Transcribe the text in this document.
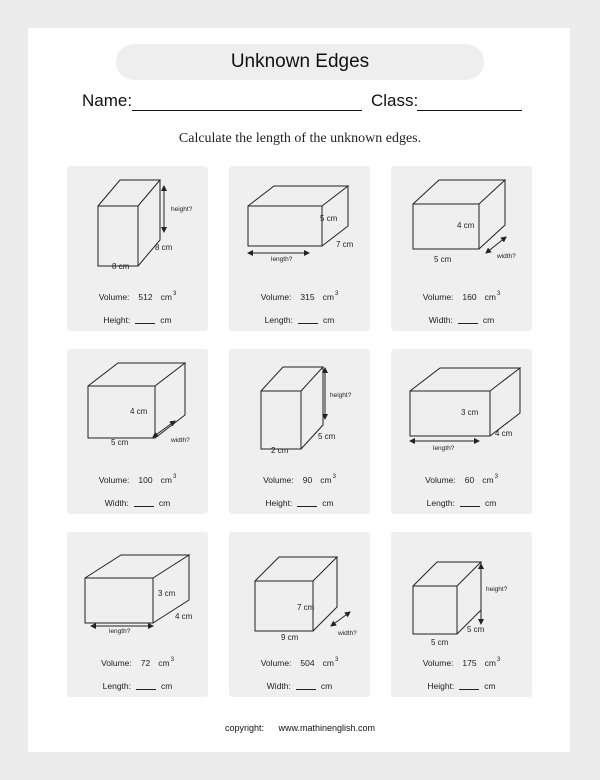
Unknown Edges
Name:	Class:
Calculate the length of the unknown edges.
height?
8 cm
8 cm
Volume: 512 cm3
Height:	cm
5 cm
7 cm
length?
Volume: 315 cm3
Length:	cm
4 cm
5 cm	width?
Volume: 160 cm3
Width:	cm
4 cm
5 cm	width?
Volume: 100 cm3
Width:	cm
height?
5 cm
2 cm
Volume: 90 cm3
Height:	cm
3 cm
4 cm
length?
Volume: 60 cm3
Length:	cm
3 cm
4 cm
length?
Volume: 72 cm3
Length:	cm
7 cm
9 cm	width?
Volume: 504 cm3
Width:	cm
height?
5 cm
5 cm
Volume: 175 cm3
Height:	cm
copyright: www.mathinenglish.com
